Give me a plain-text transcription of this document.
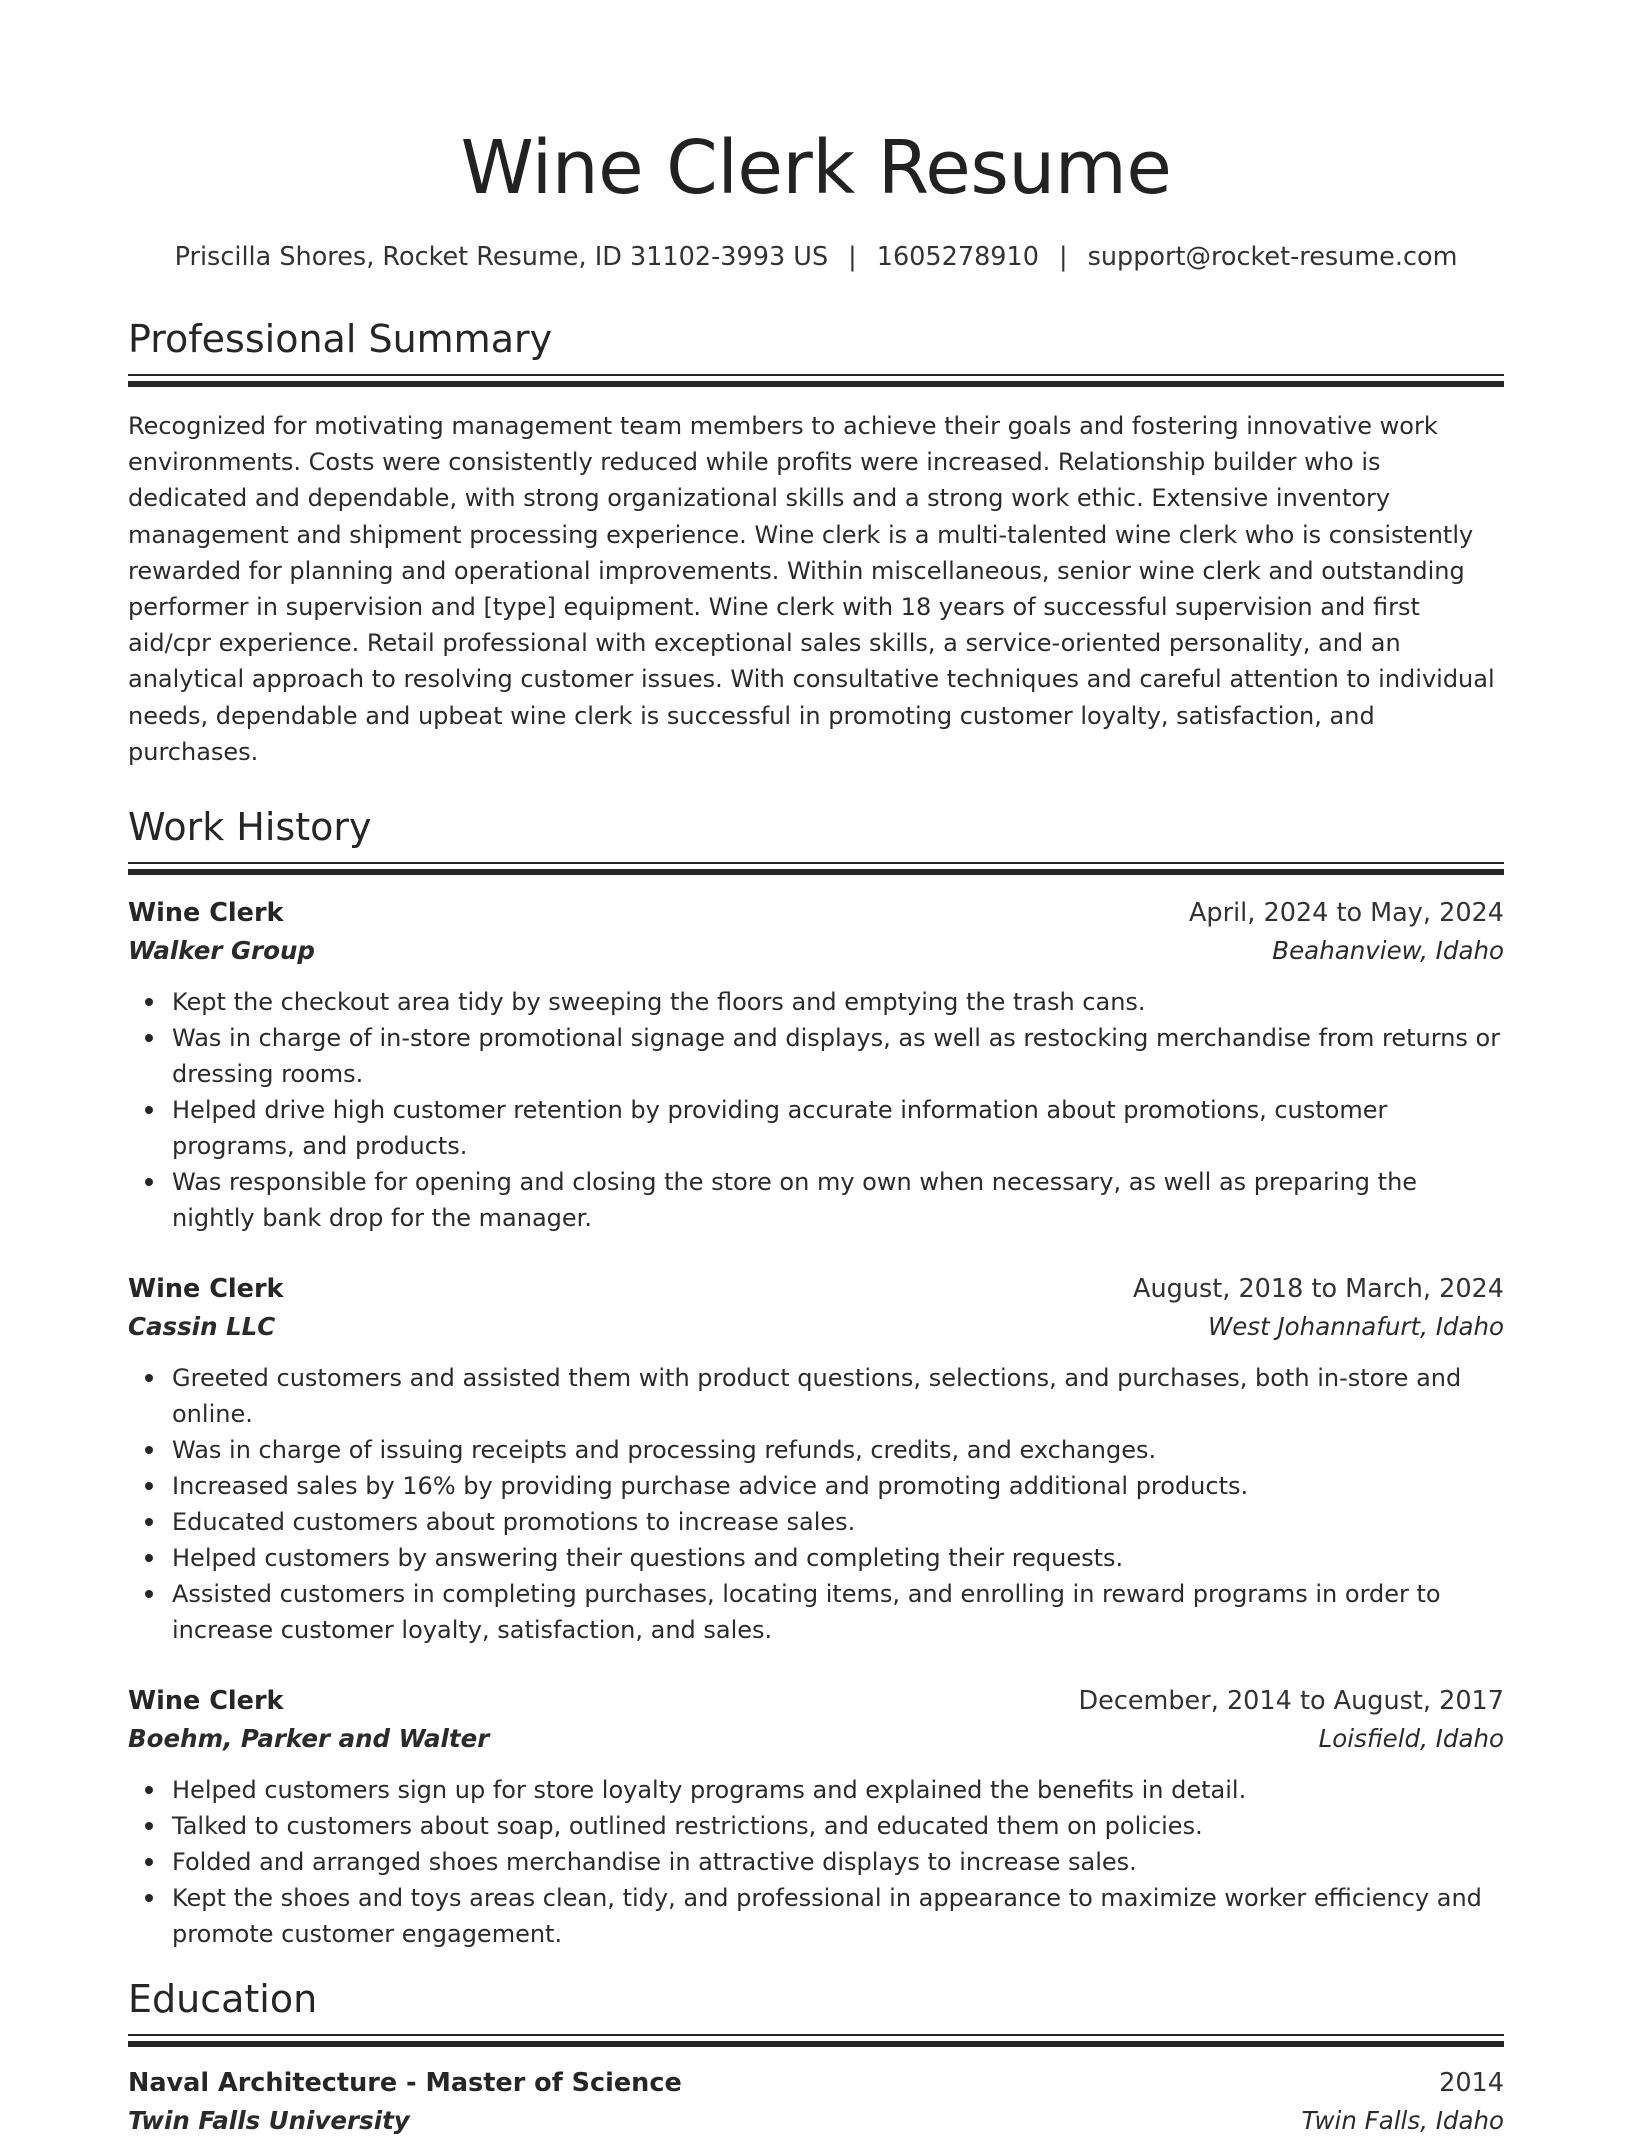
Wine Clerk Resume
Priscilla Shores, Rocket Resume, ID 31102-3993 US | 1605278910 | support@rocket-resume.com
Professional Summary

Recognized for motivating management team members to achieve their goals and fostering innovative work environments. Costs were consistently reduced while profits were increased. Relationship builder who is dedicated and dependable, with strong organizational skills and a strong work ethic. Extensive inventory management and shipment processing experience. Wine clerk is a multi-talented wine clerk who is consistently rewarded for planning and operational improvements. Within miscellaneous, senior wine clerk and outstanding performer in supervision and [type] equipment. Wine clerk with 18 years of successful supervision and first aid/cpr experience. Retail professional with exceptional sales skills, a service-oriented personality, and an analytical approach to resolving customer issues. With consultative techniques and careful attention to individual needs, dependable and upbeat wine clerk is successful in promoting customer loyalty, satisfaction, and purchases.

Work History
Wine Clerk	April, 2024 to May, 2024
Walker Group	Beahanview, Idaho
Kept the checkout area tidy by sweeping the floors and emptying the trash cans.
Was in charge of in-store promotional signage and displays, as well as restocking merchandise from returns or dressing rooms.
Helped drive high customer retention by providing accurate information about promotions, customer programs, and products.
Was responsible for opening and closing the store on my own when necessary, as well as preparing the nightly bank drop for the manager.
Wine Clerk	August, 2018 to March, 2024
Cassin LLC	West Johannafurt, Idaho
Greeted customers and assisted them with product questions, selections, and purchases, both in-store and online.
Was in charge of issuing receipts and processing refunds, credits, and exchanges.
Increased sales by 16% by providing purchase advice and promoting additional products.
Educated customers about promotions to increase sales.
Helped customers by answering their questions and completing their requests.
Assisted customers in completing purchases, locating items, and enrolling in reward programs in order to increase customer loyalty, satisfaction, and sales.
Wine Clerk	December, 2014 to August, 2017
Boehm, Parker and Walter	Loisfield, Idaho
Helped customers sign up for store loyalty programs and explained the benefits in detail.
Talked to customers about soap, outlined restrictions, and educated them on policies.
Folded and arranged shoes merchandise in attractive displays to increase sales.
Kept the shoes and toys areas clean, tidy, and professional in appearance to maximize worker efficiency and promote customer engagement.
Education
Naval Architecture - Master of Science	2014
Twin Falls University	Twin Falls, Idaho
